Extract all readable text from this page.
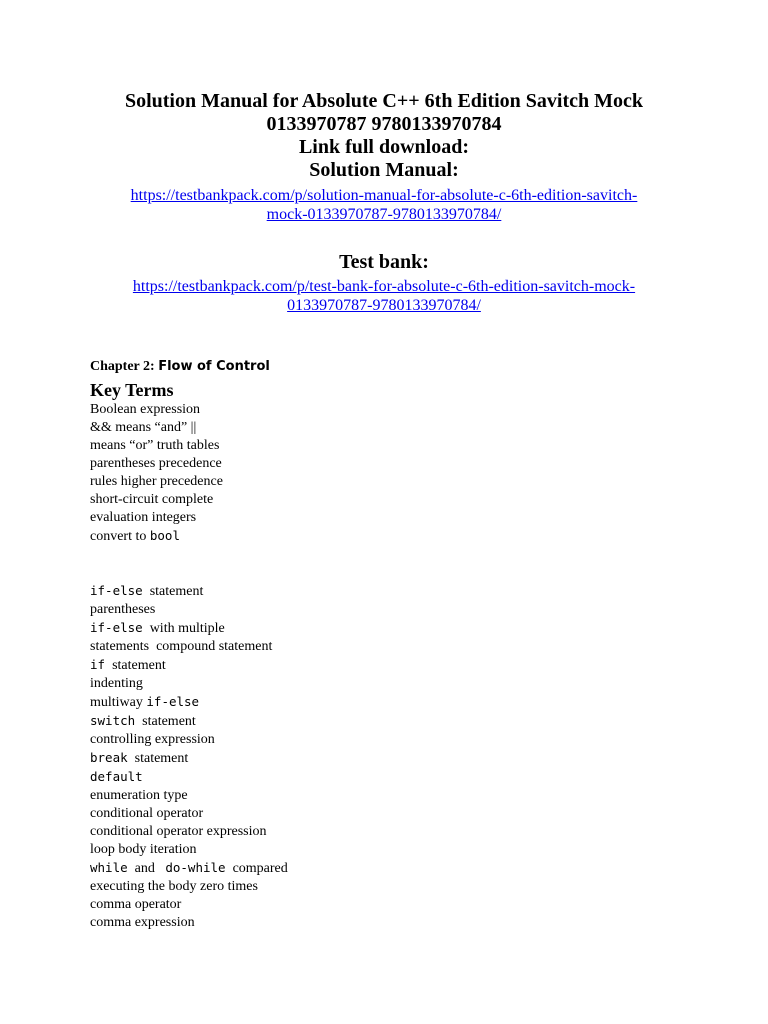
Solution Manual for Absolute C++ 6th Edition Savitch Mock

0133970787 9780133970784

Link full download:

Solution Manual:

https://testbankpack.com/p/solution-manual-for-absolute-c-6th-edition-savitch-
mock-0133970787-9780133970784/

Test bank:

https://testbankpack.com/p/test-bank-for-absolute-c-6th-edition-savitch-mock-
0133970787-9780133970784/
Chapter 2: Flow of Control
Key Terms
Boolean expression
&& means “and” ||
means “or” truth tables
parentheses precedence
rules higher precedence
short-circuit complete
evaluation integers
convert to bool
if-else  statement
parentheses
if-else  with multiple
statements  compound statement
if  statement
indenting
multiway if-else
switch  statement
controlling expression
break  statement
default
enumeration type
conditional operator
conditional operator expression
loop body iteration
while  and   do-while  compared
executing the body zero times
comma operator
comma expression
